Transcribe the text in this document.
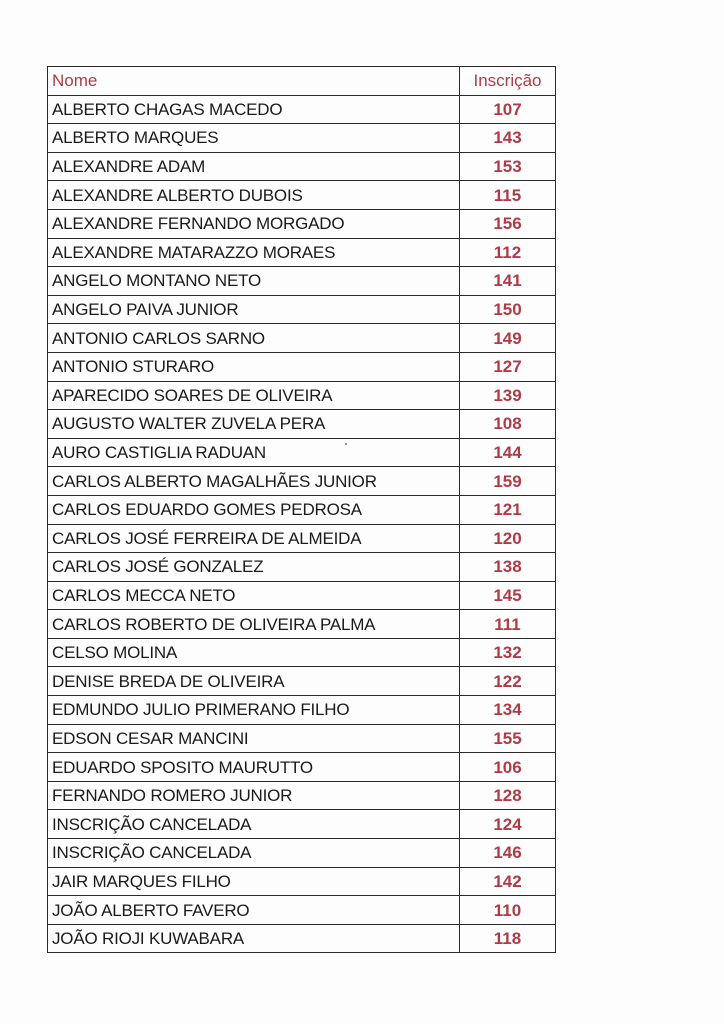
Nome	Inscrição
ALBERTO CHAGAS MACEDO	107
ALBERTO MARQUES	143
ALEXANDRE ADAM	153
ALEXANDRE ALBERTO DUBOIS	115
ALEXANDRE FERNANDO MORGADO	156
ALEXANDRE MATARAZZO MORAES	112
ANGELO MONTANO NETO	141
ANGELO PAIVA JUNIOR	150
ANTONIO CARLOS SARNO	149
ANTONIO STURARO	127
APARECIDO SOARES DE OLIVEIRA	139
AUGUSTO WALTER ZUVELA PERA	108
AURO CASTIGLIA RADUAN	144
CARLOS ALBERTO MAGALHÃES JUNIOR	159
CARLOS EDUARDO GOMES PEDROSA	121
CARLOS JOSÉ FERREIRA DE ALMEIDA	120
CARLOS JOSÉ GONZALEZ	138
CARLOS MECCA NETO	145
CARLOS ROBERTO DE OLIVEIRA PALMA	111
CELSO MOLINA	132
DENISE BREDA DE OLIVEIRA	122
EDMUNDO JULIO PRIMERANO FILHO	134
EDSON CESAR MANCINI	155
EDUARDO SPOSITO MAURUTTO	106
FERNANDO ROMERO JUNIOR	128
INSCRIÇÃO CANCELADA	124
INSCRIÇÃO CANCELADA	146
JAIR MARQUES FILHO	142
JOÃO ALBERTO FAVERO	110
JOÃO RIOJI KUWABARA	118
